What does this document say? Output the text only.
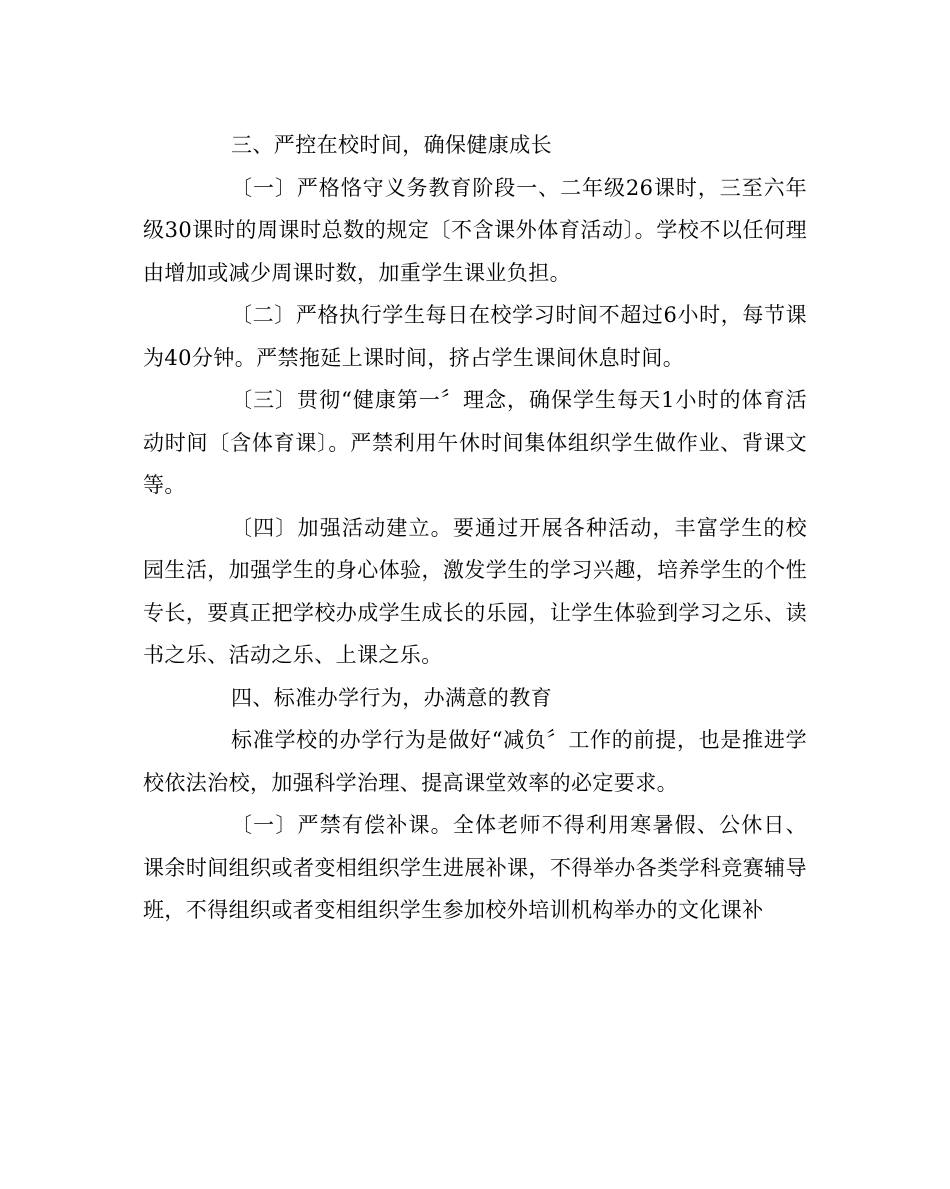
三、严控在校时间，确保健康成长

〔一〕严格恪守义务教育阶段一、二年级26课时，三至六年级30课时的周课时总数的规定〔不含课外体育活动〕。学校不以任何理由增加或减少周课时数，加重学生课业负担。

〔二〕严格执行学生每日在校学习时间不超过6小时，每节课为40分钟。严禁拖延上课时间，挤占学生课间休息时间。

〔三〕贯彻“健康第一〞理念，确保学生每天1小时的体育活动时间〔含体育课〕。严禁利用午休时间集体组织学生做作业、背课文等。

〔四〕加强活动建立。要通过开展各种活动，丰富学生的校园生活，加强学生的身心体验，激发学生的学习兴趣，培养学生的个性专长，要真正把学校办成学生成长的乐园，让学生体验到学习之乐、读书之乐、活动之乐、上课之乐。

四、标准办学行为，办满意的教育

标准学校的办学行为是做好“减负〞工作的前提，也是推进学校依法治校，加强科学治理、提高课堂效率的必定要求。

〔一〕严禁有偿补课。全体老师不得利用寒暑假、公休日、课余时间组织或者变相组织学生进展补课，不得举办各类学科竞赛辅导班，不得组织或者变相组织学生参加校外培训机构举办的文化课补
